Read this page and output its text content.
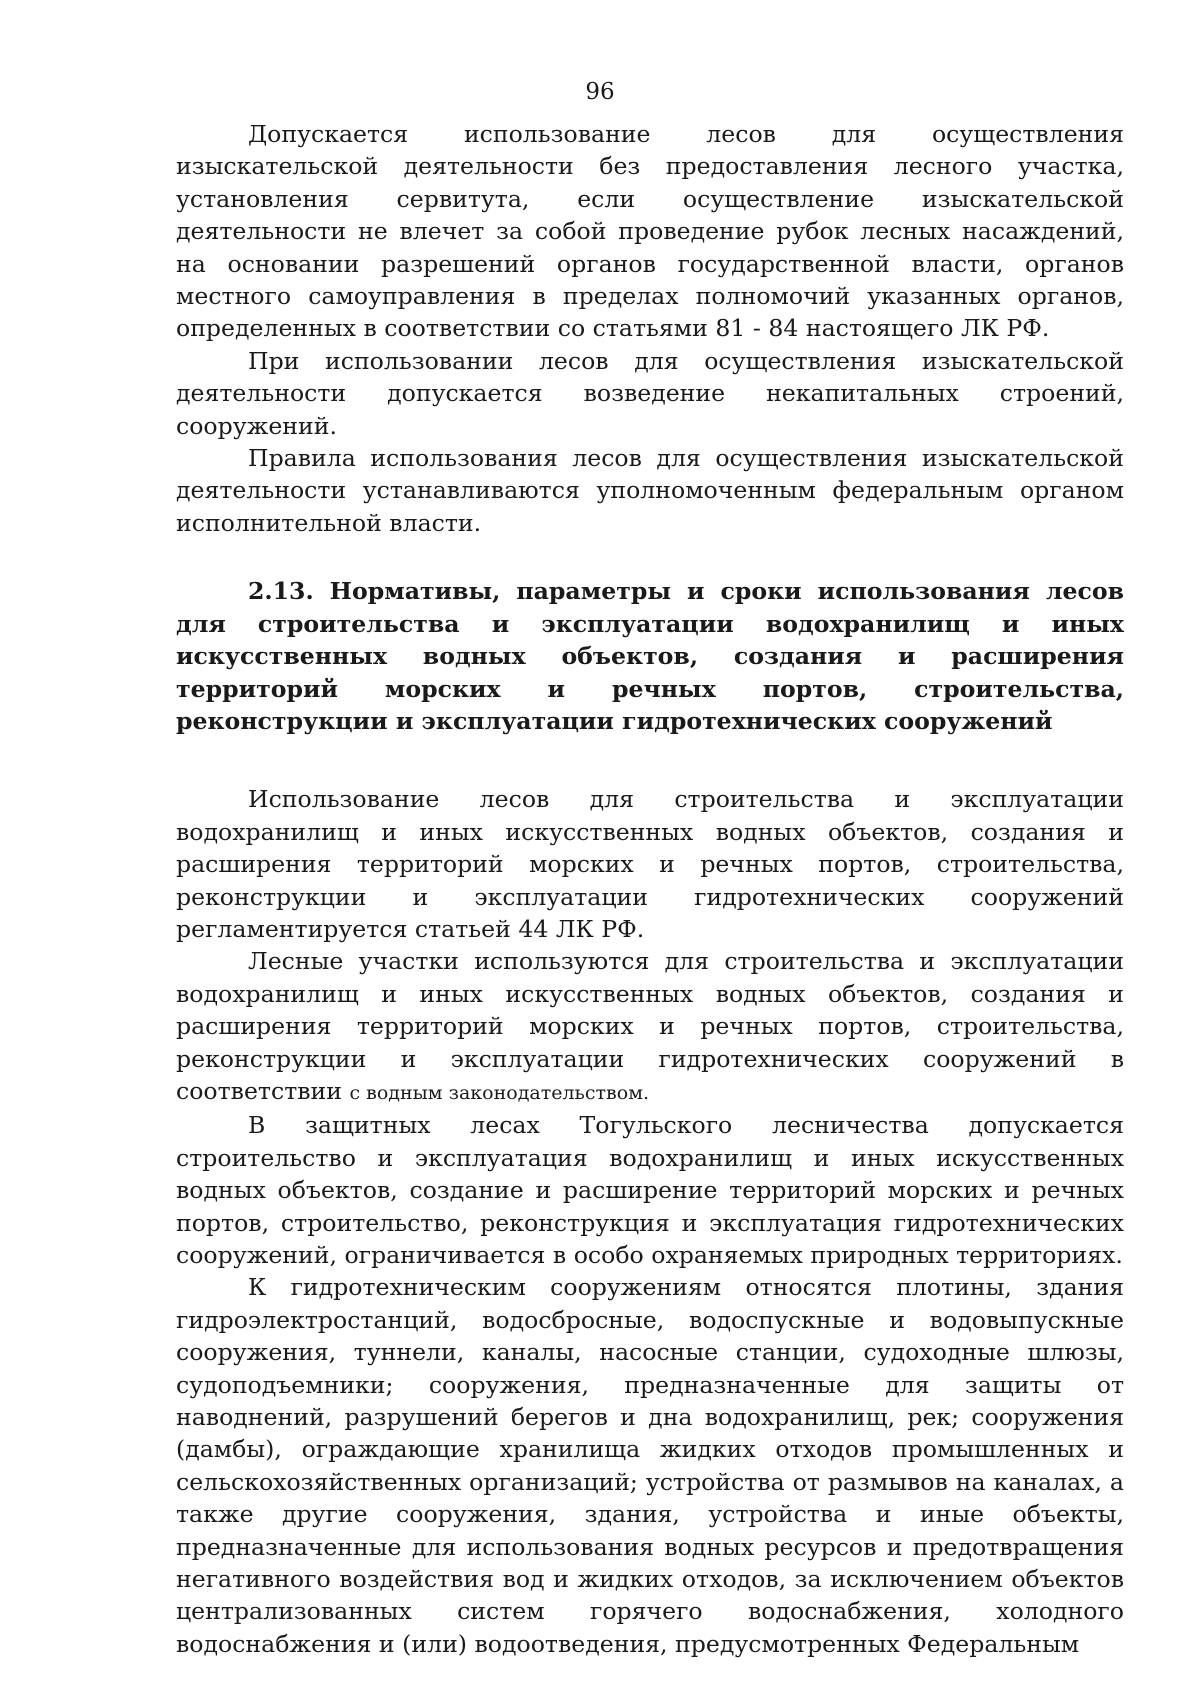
96

Допускается использование лесов для осуществления изыскательской деятельности без предоставления лесного участка, установления сервитута, если осуществление изыскательской деятельности не влечет за собой проведение рубок лесных насаждений, на основании разрешений органов государственной власти, органов местного самоуправления в пределах полномочий указанных органов, определенных в соответствии со статьями 81 - 84 настоящего ЛК РФ.

При использовании лесов для осуществления изыскательской деятельности допускается возведение некапитальных строений, сооружений.

Правила использования лесов для осуществления изыскательской деятельности устанавливаются уполномоченным федеральным органом исполнительной власти.

2.13. Нормативы, параметры и сроки использования лесов для строительства и эксплуатации водохранилищ и иных искусственных водных объектов, создания и расширения территорий морских и речных портов, строительства, реконструкции и эксплуатации гидротехнических сооружений

Использование лесов для строительства и эксплуатации водохранилищ и иных искусственных водных объектов, создания и расширения территорий морских и речных портов, строительства, реконструкции и эксплуатации гидротехнических сооружений регламентируется статьей 44 ЛК РФ.

Лесные участки используются для строительства и эксплуатации водохранилищ и иных искусственных водных объектов, создания и расширения территорий морских и речных портов, строительства, реконструкции и эксплуатации гидротехнических сооружений в соответствии с водным законодательством.

В защитных лесах Тогульского лесничества допускается строительство и эксплуатация водохранилищ и иных искусственных водных объектов, создание и расширение территорий морских и речных портов, строительство, реконструкция и эксплуатация гидротехнических сооружений, ограничивается в особо охраняемых природных территориях.

К гидротехническим сооружениям относятся плотины, здания гидроэлектростанций, водосбросные, водоспускные и водовыпускные сооружения, туннели, каналы, насосные станции, судоходные шлюзы, судоподъемники; сооружения, предназначенные для защиты от наводнений, разрушений берегов и дна водохранилищ, рек; сооружения (дамбы), ограждающие хранилища жидких отходов промышленных и сельскохозяйственных организаций; устройства от размывов на каналах, а также другие сооружения, здания, устройства и иные объекты, предназначенные для использования водных ресурсов и предотвращения негативного воздействия вод и жидких отходов, за исключением объектов централизованных систем горячего водоснабжения, холодного водоснабжения и (или) водоотведения, предусмотренных Федеральным
